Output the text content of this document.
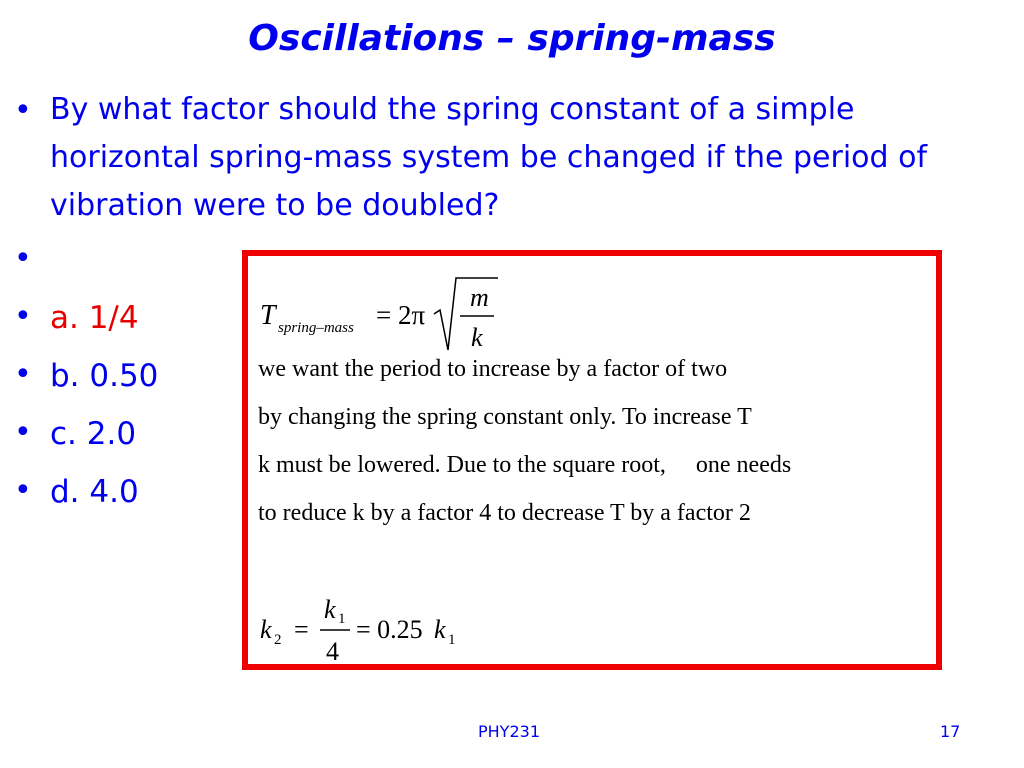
Oscillations – spring-mass
• By what factor should the spring constant of a simple horizontal spring-mass system be changed if the period of vibration were to be doubled?
•
• a. 1/4
• b. 0.50
• c. 2.0
• d. 4.0
T spring–mass = 2π
m
k
we want the period to increase by a factor of two
by changing the spring constant only. To increase T
k must be lowered. Due to the square root,     one needs
to reduce k by a factor 4 to decrease T by a factor 2
k 2 =
k 1
4
= 0.25 k 1
PHY231	17
